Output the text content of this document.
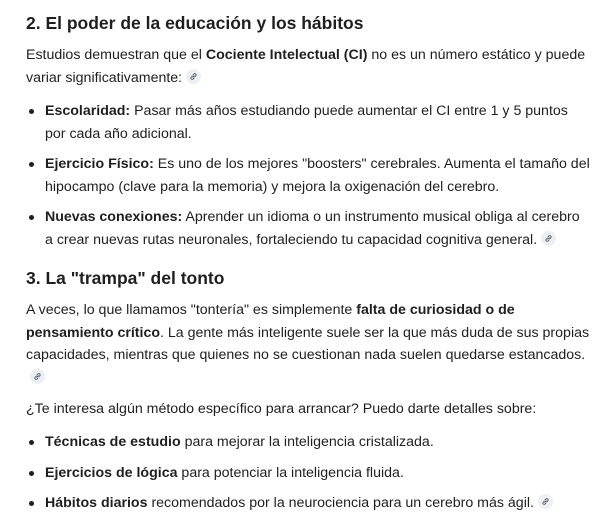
2. El poder de la educación y los hábitos

Estudios demuestran que el Cociente Intelectual (CI) no es un número estático y puede variar significativamente:

Escolaridad: Pasar más años estudiando puede aumentar el CI entre 1 y 5 puntos por cada año adicional.
Ejercicio Físico: Es uno de los mejores "boosters" cerebrales. Aumenta el tamaño del hipocampo (clave para la memoria) y mejora la oxigenación del cerebro.
Nuevas conexiones: Aprender un idioma o un instrumento musical obliga al cerebro a crear nuevas rutas neuronales, fortaleciendo tu capacidad cognitiva general.
3. La "trampa" del tonto

A veces, lo que llamamos "tontería" es simplemente falta de curiosidad o de pensamiento crítico. La gente más inteligente suele ser la que más duda de sus propias capacidades, mientras que quienes no se cuestionan nada suelen quedarse estancados.

¿Te interesa algún método específico para arrancar? Puedo darte detalles sobre:

Técnicas de estudio para mejorar la inteligencia cristalizada.
Ejercicios de lógica para potenciar la inteligencia fluida.
Hábitos diarios recomendados por la neurociencia para un cerebro más ágil.
